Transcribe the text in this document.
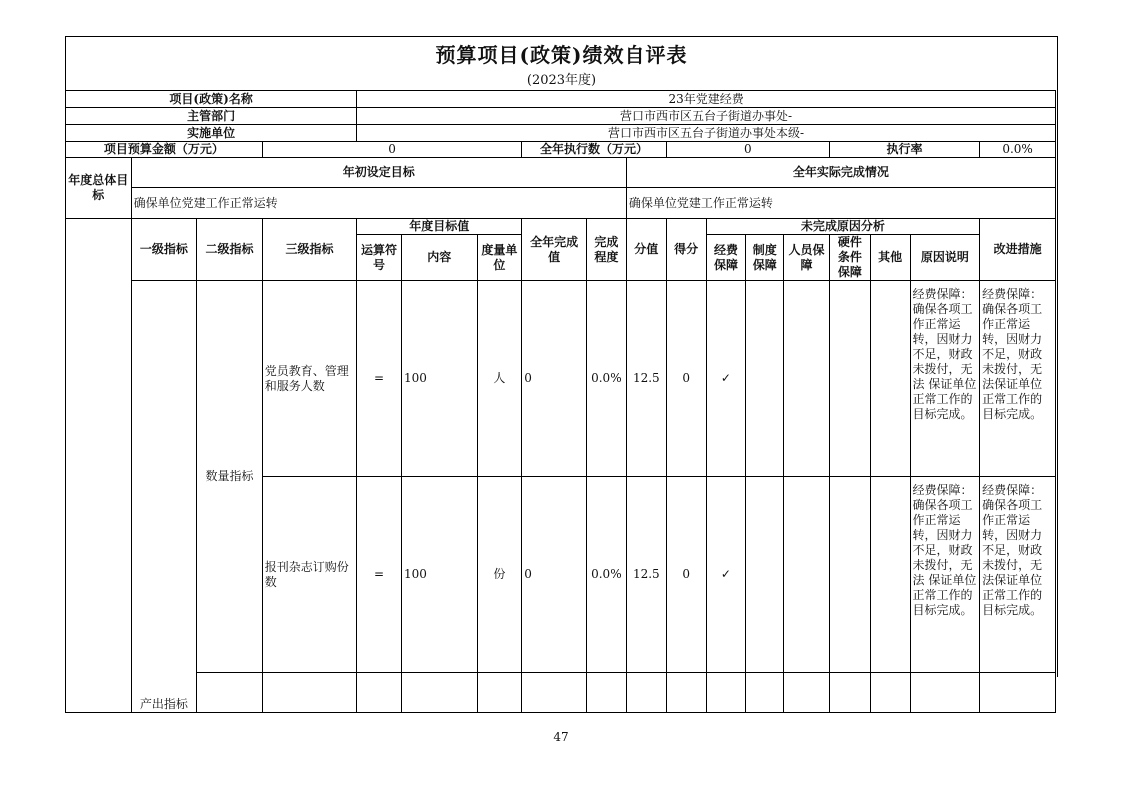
预算项目(政策)绩效自评表
(2023年度)
项目(政策)名称				23年党建经费													
主管部门				营口市西市区五台子街道办事处-													
实施单位				营口市西市区五台子街道办事处本级-													
项目预算金额（万元）			0				全年执行数（万元）			0				执行率			0.0%
年度总体目标	年初设定目标								全年实际完成情况								
	确保单位党建工作正常运转								确保单位党建工作正常运转								
	一级指标	二级指标	三级指标	年度目标值			全年完成值	完成程度	分值	得分	未完成原因分析						改进措施
				运算符号	内容	度量单位					经费保障	制度保障	人员保障	硬件条件保障	其他	原因说明	
	产出指标	数量指标	党员教育、管理和服务人数	=	100	人	0	0.0%	12.5	0	✓					经费保障：确保各项工作正常运转，因财力不足，财政未拨付，无法 保证单位正常工作的目标完成。	经费保障：确保各项工作正常运转，因财力不足，财政未拨付，无法保证单位正常工作的目标完成。
			报刊杂志订购份数	=	100	份	0	0.0%	12.5	0	✓					经费保障：确保各项工作正常运转，因财力不足，财政未拨付，无法 保证单位正常工作的目标完成。	经费保障：确保各项工作正常运转，因财力不足，财政未拨付，无法保证单位正常工作的目标完成。

47
